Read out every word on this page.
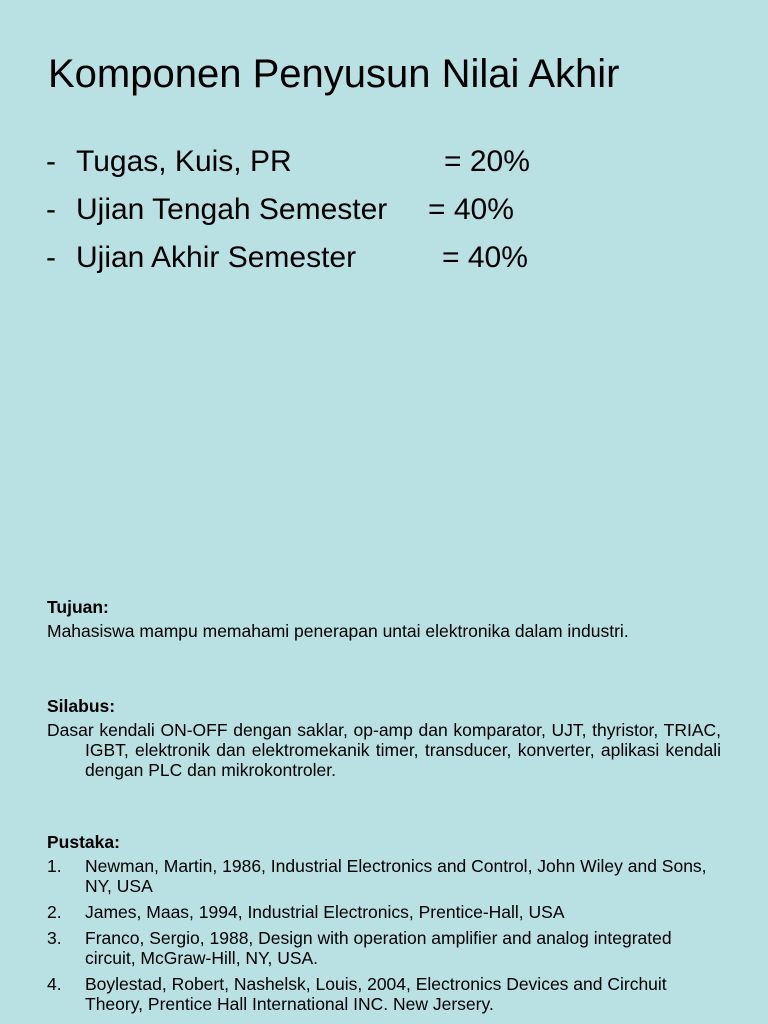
Komponen Penyusun Nilai Akhir
- Tugas, Kuis, PR	= 20%
- Ujian Tengah Semester = 40%
- Ujian Akhir Semester	= 40%
Tujuan:

Mahasiswa mampu memahami penerapan untai elektronika dalam industri.

Silabus:

Dasar kendali ON-OFF dengan saklar, op-amp dan komparator, UJT, thyristor, TRIAC, IGBT, elektronik dan elektromekanik timer, transducer, konverter, aplikasi kendali dengan PLC dan mikrokontroler.

Pustaka:
1. Newman, Martin, 1986, Industrial Electronics and Control, John Wiley and Sons, NY, USA
2. James, Maas, 1994, Industrial Electronics, Prentice-Hall, USA
3. Franco, Sergio, 1988, Design with operation amplifier and analog integrated circuit, McGraw-Hill, NY, USA.
4. Boylestad, Robert, Nashelsk, Louis, 2004, Electronics Devices and Circhuit Theory, Prentice Hall International INC. New Jersery.
